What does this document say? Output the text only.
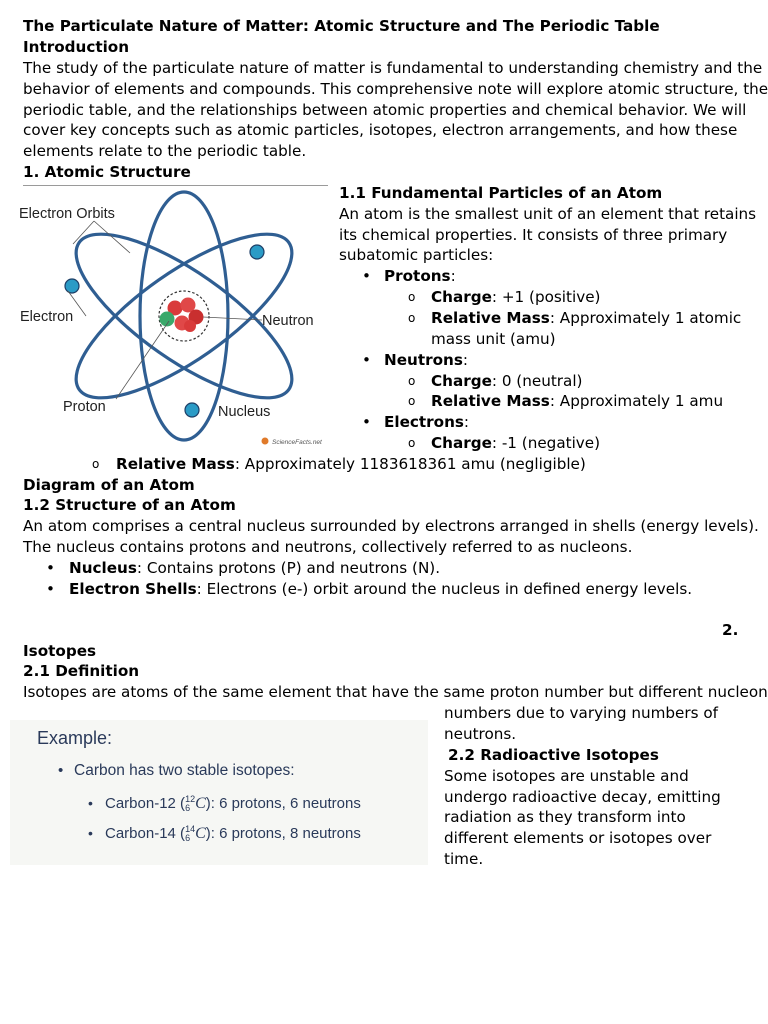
The Particulate Nature of Matter: Atomic Structure and The Periodic Table
Introduction
The study of the particulate nature of matter is fundamental to understanding chemistry and the
behavior of elements and compounds. This comprehensive note will explore atomic structure, the
periodic table, and the relationships between atomic properties and chemical behavior. We will
cover key concepts such as atomic particles, isotopes, electron arrangements, and how these
elements relate to the periodic table.
1. Atomic Structure
Electron Orbits
Electron	Neutron
Proton	Nucleus
ScienceFacts.net
1.1 Fundamental Particles of an Atom
An atom is the smallest unit of an element that retains
its chemical properties. It consists of three primary
subatomic particles:
• Protons:
o Charge: +1 (positive)
o Relative Mass: Approximately 1 atomic
mass unit (amu)
• Neutrons:
o Charge: 0 (neutral)
o Relative Mass: Approximately 1 amu
• Electrons:
o Charge: -1 (negative)
o Relative Mass: Approximately 1183618361 amu (negligible)
Diagram of an Atom
1.2 Structure of an Atom
An atom comprises a central nucleus surrounded by electrons arranged in shells (energy levels).
The nucleus contains protons and neutrons, collectively referred to as nucleons.
• Nucleus: Contains protons (P) and neutrons (N).
• Electron Shells: Electrons (e-) orbit around the nucleus in defined energy levels.
2.
Isotopes
2.1 Definition
Isotopes are atoms of the same element that have the same proton number but different nucleon
numbers due to varying numbers of
neutrons.
2.2 Radioactive Isotopes
Some isotopes are unstable and
undergo radioactive decay, emitting
radiation as they transform into
different elements or isotopes over
time.
Example:
• Carbon has two stable isotopes:
• Carbon-12 ( 12
6 C): 6 protons, 6 neutrons
• Carbon-14 ( 14
6 C): 6 protons, 8 neutrons
